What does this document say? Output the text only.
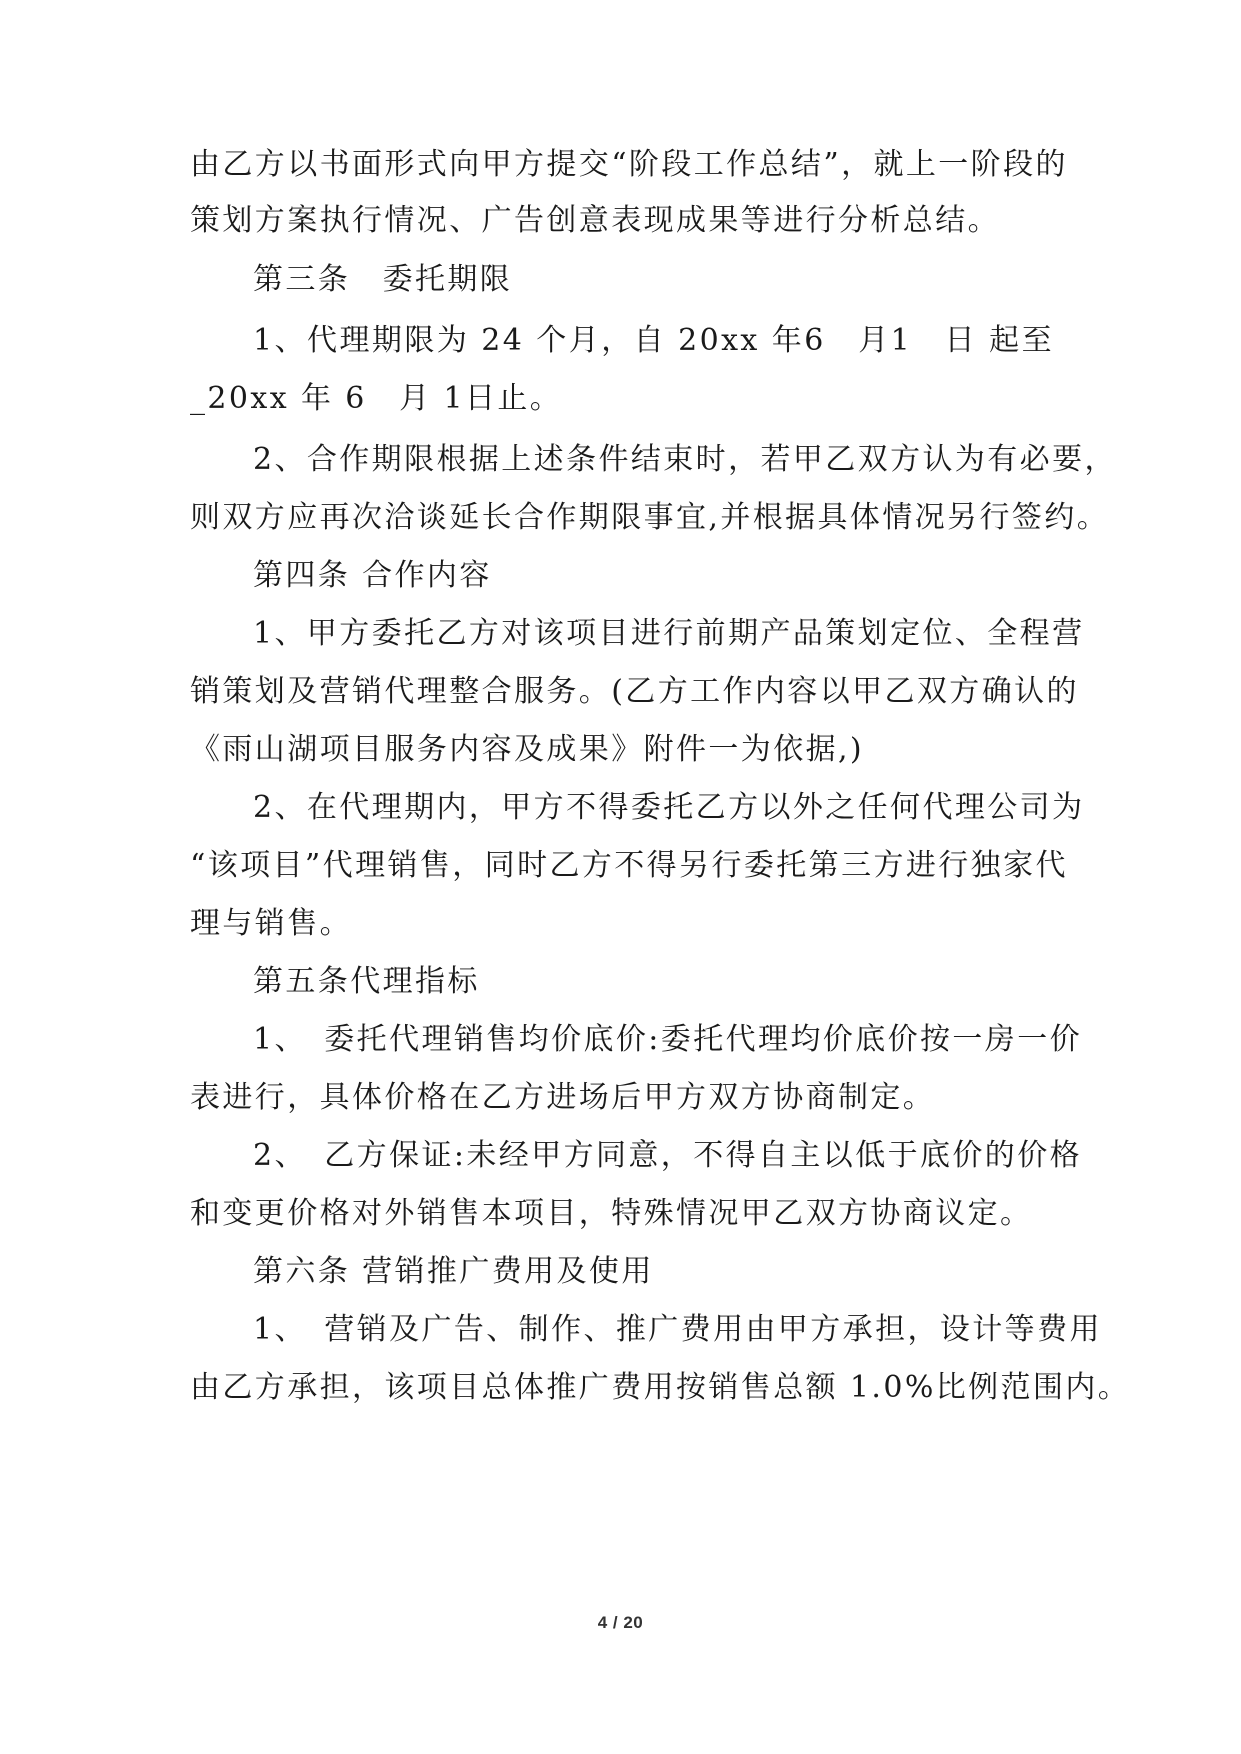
由乙方以书面形式向甲方提交“阶段工作总结”，就上一阶段的
策划方案执行情况、广告创意表现成果等进行分析总结。
第三条　委托期限
1、代理期限为 24 个月，自 20xx 年6　月1　日 起至
_20xx 年 6　月 1日止。
2、合作期限根据上述条件结束时，若甲乙双方认为有必要，
则双方应再次洽谈延长合作期限事宜,并根据具体情况另行签约。
第四条 合作内容
1、甲方委托乙方对该项目进行前期产品策划定位、全程营
销策划及营销代理整合服务。(乙方工作内容以甲乙双方确认的
《雨山湖项目服务内容及成果》附件一为依据,)
2、在代理期内，甲方不得委托乙方以外之任何代理公司为
“该项目”代理销售，同时乙方不得另行委托第三方进行独家代
理与销售。
第五条代理指标
1、　委托代理销售均价底价:委托代理均价底价按一房一价
表进行，具体价格在乙方进场后甲方双方协商制定。
2、　乙方保证:未经甲方同意，不得自主以低于底价的价格
和变更价格对外销售本项目，特殊情况甲乙双方协商议定。
第六条 营销推广费用及使用
1、　营销及广告、制作、推广费用由甲方承担，设计等费用
由乙方承担，该项目总体推广费用按销售总额 1.0%比例范围内。
4 / 20
